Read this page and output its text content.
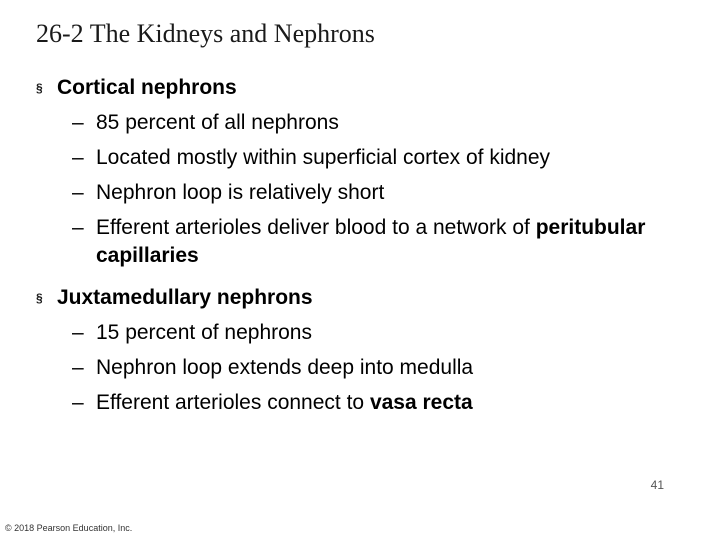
26-2 The Kidneys and Nephrons
§ Cortical nephrons
– 85 percent of all nephrons
– Located mostly within superficial cortex of kidney
– Nephron loop is relatively short
– Efferent arterioles deliver blood to a network of peritubular capillaries
§ Juxtamedullary nephrons
– 15 percent of nephrons
– Nephron loop extends deep into medulla
– Efferent arterioles connect to vasa recta
41
© 2018 Pearson Education, Inc.
